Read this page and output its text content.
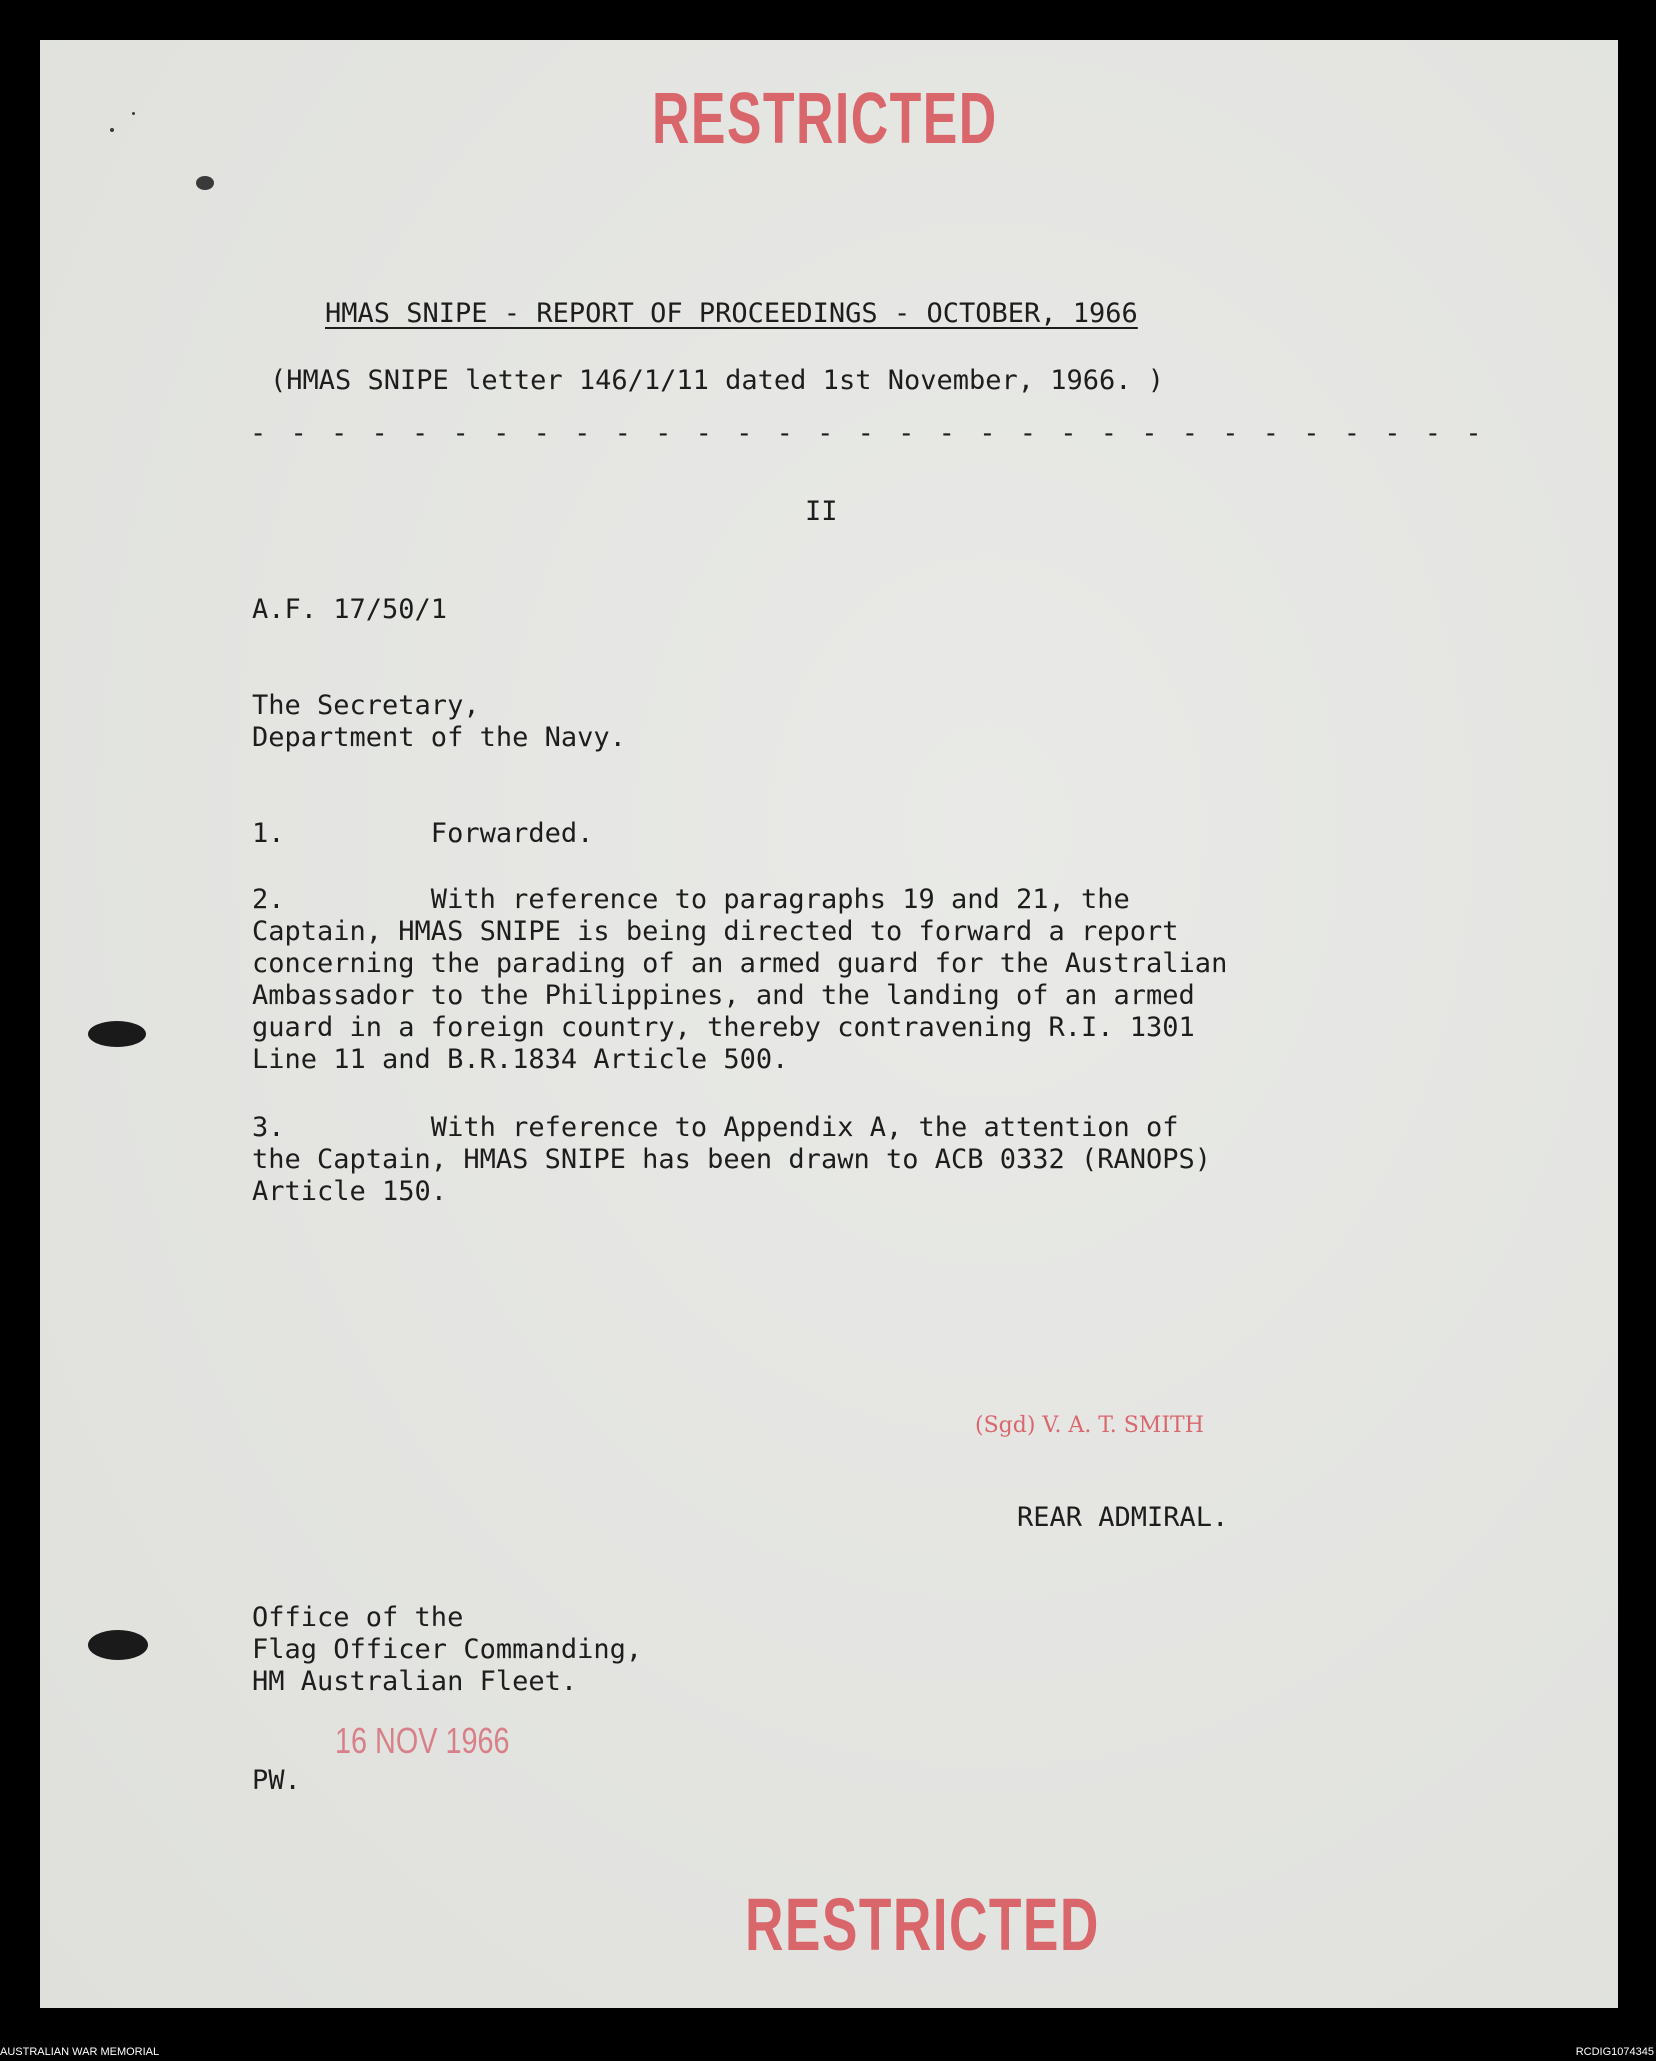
RESTRICTED

HMAS SNIPE - REPORT OF PROCEEDINGS - OCTOBER, 1966

(HMAS SNIPE letter 146/1/11 dated 1st November, 1966. )

- - - - - - - - - - - - - - - - - - - - - - - - - - - - - - -

II

A.F. 17/50/1

The Secretary,
Department of the Navy.

1.         Forwarded.

2.         With reference to paragraphs 19 and 21, the
Captain, HMAS SNIPE is being directed to forward a report
concerning the parading of an armed guard for the Australian
Ambassador to the Philippines, and the landing of an armed
guard in a foreign country, thereby contravening R.I. 1301
Line 11 and B.R.1834 Article 500.

3.         With reference to Appendix A, the attention of
the Captain, HMAS SNIPE has been drawn to ACB 0332 (RANOPS)
Article 150.

(Sgd) V. A. T. SMITH

REAR ADMIRAL.

Office of the
Flag Officer Commanding,
HM Australian Fleet.

16 NOV 1966

PW.

RESTRICTED
AUSTRALIAN WAR MEMORIAL	RCDIG1074345
